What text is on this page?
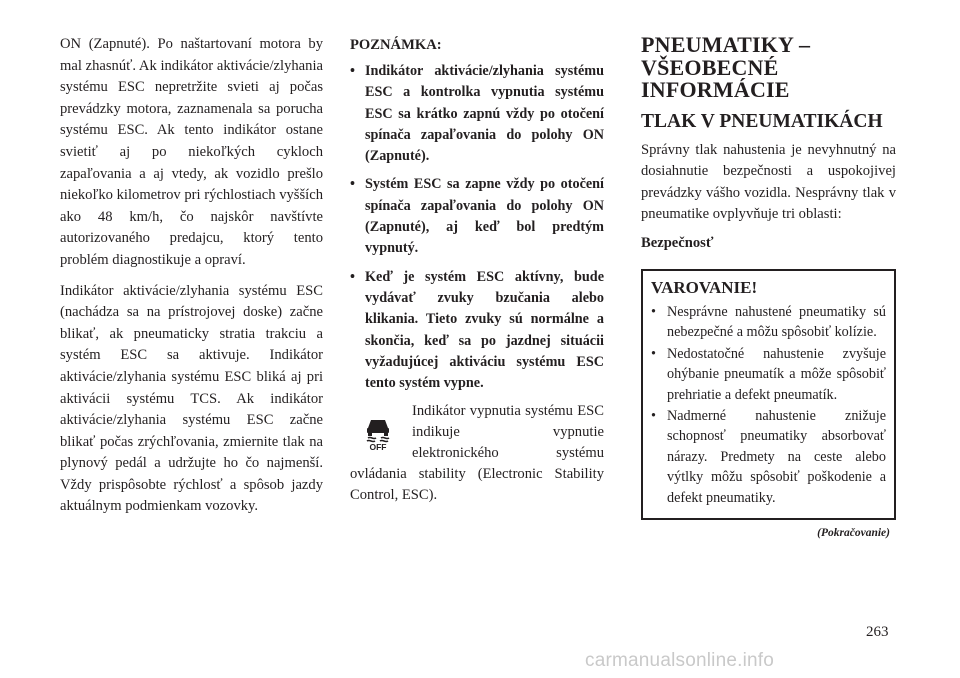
ON (Zapnuté). Po naštartovaní motora by mal zhasnúť. Ak indikátor aktivácie/zlyhania systému ESC nepretržite svieti aj počas prevádzky motora, zaznamenala sa porucha systému ESC. Ak tento indikátor ostane svietiť aj po niekoľkých cykloch zapaľovania a aj vtedy, ak vozidlo prešlo niekoľko kilometrov pri rýchlostiach vyšších ako 48 km/h, čo najskôr navštívte autorizovaného predajcu, ktorý tento problém diagnostikuje a opraví.

Indikátor aktivácie/zlyhania systému ESC (nachádza sa na prístrojovej doske) začne blikať, ak pneumaticky stratia trakciu a systém ESC sa aktivuje. Indikátor aktivácie/zlyhania systému ESC bliká aj pri aktivácii systému TCS. Ak indikátor aktivácie/zlyhania systému ESC začne blikať počas zrýchľovania, zmiernite tlak na plynový pedál a udržujte ho čo najmenší. Vždy prispôsobte rýchlosť a spôsob jazdy aktuálnym podmienkam vozovky.

POZNÁMKA:
• Indikátor aktivácie/zlyhania systému ESC a kontrolka vypnutia systému ESC sa krátko zapnú vždy po otočení spínača zapaľovania do polohy ON (Zapnuté).
• Systém ESC sa zapne vždy po otočení spínača zapaľovania do polohy ON (Zapnuté), aj keď bol predtým vypnutý.
• Keď je systém ESC aktívny, bude vydávať zvuky bzučania alebo klikania. Tieto zvuky sú normálne a skončia, keď sa po jazdnej situácii vyžadujúcej aktiváciu systému ESC tento systém vypne.
OFF

Indikátor vypnutia systému ESC indikuje vypnutie elektronického systému ovládania stability (Electronic Stability Control, ESC).

PNEUMATIKY – VŠEOBECNÉ INFORMÁCIE
TLAK V PNEUMATIKÁCH

Správny tlak nahustenia je nevyhnutný na dosiahnutie bezpečnosti a uspokojivej prevádzky vášho vozidla. Nesprávny tlak v pneumatike ovplyvňuje tri oblasti:

Bezpečnosť
VAROVANIE!
• Nesprávne nahustené pneumatiky sú nebezpečné a môžu spôsobiť kolízie.
• Nedostatočné nahustenie zvyšuje ohýbanie pneumatík a môže spôsobiť prehriatie a defekt pneumatík.
• Nadmerné nahustenie znižuje schopnosť pneumatiky absorbovať nárazy. Predmety na ceste alebo výtlky môžu spôsobiť poškodenie a defekt pneumatiky.
(Pokračovanie)
263
carmanualsonline.info
